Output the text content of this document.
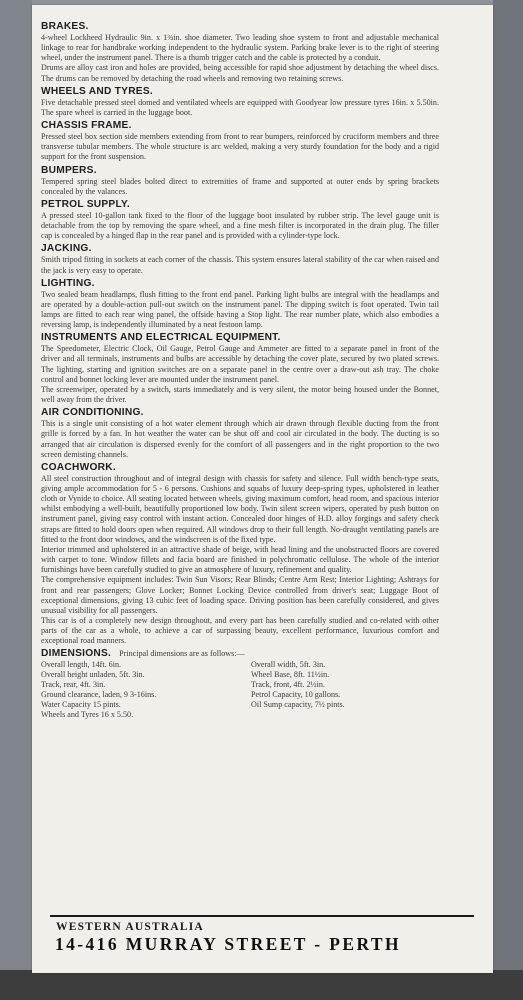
BRAKES.

4-wheel Lockheed Hydraulic 9in. x 1¾in. shoe diameter. Two leading shoe system to front and adjustable mechanical linkage to rear for handbrake working independent to the hydraulic system. Parking brake lever is to the right of steering wheel, under the instrument panel. There is a thumb trigger catch and the cable is protected by a conduit.

Drums are alloy cast iron and holes are provided, being accessible for rapid shoe adjustment by detaching the wheel discs. The drums can be removed by detaching the road wheels and removing two retaining screws.

WHEELS AND TYRES.

Five detachable pressed steel domed and ventilated wheels are equipped with Goodyear low pressure tyres 16in. x 5.50in. The spare wheel is carried in the luggage boot.

CHASSIS FRAME.

Pressed steel box section side members extending from front to rear bumpers, reinforced by cruciform members and three transverse tubular members. The whole structure is arc welded, making a very sturdy foundation for the body and a rigid support for the front suspension.

BUMPERS.

Tempered spring steel blades bolted direct to extremities of frame and supported at outer ends by spring brackets concealed by the valances.

PETROL SUPPLY.

A pressed steel 10-gallon tank fixed to the floor of the luggage boot insulated by rubber strip. The level gauge unit is detachable from the top by removing the spare wheel, and a fine mesh filter is incorporated in the drain plug. The filler cap is concealed by a hinged flap in the rear panel and is provided with a cylinder-type lock.

JACKING.

Smith tripod fitting in sockets at each corner of the chassis. This system ensures lateral stability of the car when raised and the jack is very easy to operate.

LIGHTING.

Two sealed beam headlamps, flush fitting to the front end panel. Parking light bulbs are integral with the headlamps and are operated by a double-action pull-out switch on the instrument panel. The dipping switch is foot operated. Twin tail lamps are fitted to each rear wing panel, the offside having a Stop light. The rear number plate, which also embodies a reversing lamp, is independently illuminated by a neat festoon lamp.

INSTRUMENTS AND ELECTRICAL EQUIPMENT.

The Speedometer, Electric Clock, Oil Gauge, Petrol Gauge and Ammeter are fitted to a separate panel in front of the driver and all terminals, instruments and bulbs are accessible by detaching the cover plate, secured by two plated screws. The lighting, starting and ignition switches are on a separate panel in the centre over a draw-out ash tray. The choke control and bonnet locking lever are mounted under the instrument panel.

The screenwiper, operated by a switch, starts immediately and is very silent, the motor being housed under the Bonnet, well away from the driver.

AIR CONDITIONING.

This is a single unit consisting of a hot water element through which air drawn through flexible ducting from the front grille is forced by a fan. In hot weather the water can be shut off and cool air circulated in the body. The ducting is so arranged that air circulation is dispersed evenly for the comfort of all passengers and in the right proportion to the two screen demisting channels.

COACHWORK.

All steel construction throughout and of integral design with chassis for safety and silence. Full width bench-type seats, giving ample accommodation for 5 - 6 persons. Cushions and squabs of luxury deep-spring types, upholstered in leather cloth or Vynide to choice. All seating located between wheels, giving maximum comfort, head room, and spacious interior whilst embodying a well-built, beautifully proportioned low body. Twin silent screen wipers, operated by push button on instrument panel, giving easy control with instant action. Concealed door hinges of H.D. alloy forgings and safety check straps are fitted to hold doors open when required. All windows drop to their full length. No-draught ventilating panels are fitted to the front door windows, and the windscreen is of the fixed type.

Interior trimmed and upholstered in an attractive shade of beige, with head lining and the unobstructed floors are covered with carpet to tone. Window fillets and facia board are finished in polychromatic cellulose. The whole of the interior furnishings have been carefully studied to give an atmosphere of luxury, refinement and quality.

The comprehensive equipment includes: Twin Sun Visors; Rear Blinds; Centre Arm Rest; Interior Lighting; Ashtrays for front and rear passengers; Glove Locker; Bonnet Locking Device controlled from driver's seat; Luggage Boot of exceptional dimensions, giving 13 cubic feet of loading space. Driving position has been carefully considered, and gives unusual visibility for all passengers.

This car is of a completely new design throughout, and every part has been carefully studied and co-related with other parts of the car as a whole, to achieve a car of surpassing beauty, excellent performance, luxurious comfort and exceptional road manners.

DIMENSIONS. Principal dimensions are as follows:—
Overall length, 14ft. 6in.
Overall height unladen, 5ft. 3in.
Track, rear, 4ft. 3in.
Ground clearance, laden, 9 3-16ins.
Water Capacity 15 pints.
Wheels and Tyres 16 x 5.50.
Overall width, 5ft. 3in.
Wheel Base, 8ft. 11½in.
Track, front, 4ft. 2½in.
Petrol Capacity, 10 gallons.
Oil Sump capacity, 7½ pints.
WESTERN AUSTRALIA
14-416 MURRAY STREET - PERTH
